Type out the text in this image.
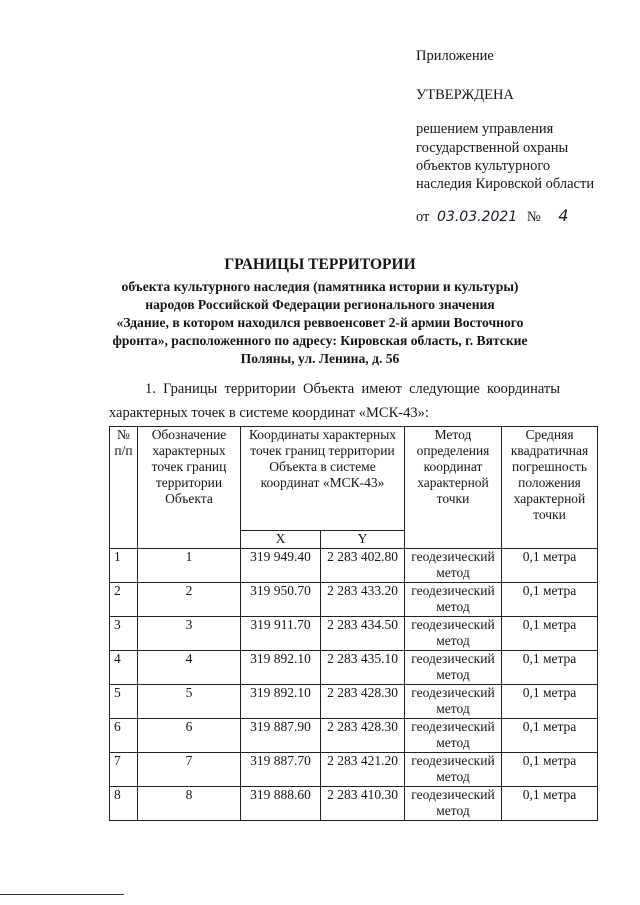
Приложение
УТВЕРЖДЕНА
решением управления
государственной охраны
объектов культурного
наследия Кировской области
от 03.03.2021 № 4
ГРАНИЦЫ ТЕРРИТОРИИ
объекта культурного наследия (памятника истории и культуры)
народов Российской Федерации регионального значения
«Здание, в котором находился реввоенсовет 2-й армии Восточного
фронта», расположенного по адресу: Кировская область, г. Вятские
Поляны, ул. Ленина, д. 56
1.  Границы  территории  Объекта  имеют  следующие  координаты
характерных точек в системе координат «МСК-43»:
№ п/п	Обозначение характерных точек границ территории Объекта	Координаты характерных точек границ территории Объекта в системе координат «МСК-43»		Метод определения координат характерной точки	Средняя квадратичная погрешность положения характерной точки
		X	Y		
1	1	319 949.40	2 283 402.80	геодезический метод	0,1 метра
2	2	319 950.70	2 283 433.20	геодезический метод	0,1 метра
3	3	319 911.70	2 283 434.50	геодезический метод	0,1 метра
4	4	319 892.10	2 283 435.10	геодезический метод	0,1 метра
5	5	319 892.10	2 283 428.30	геодезический метод	0,1 метра
6	6	319 887.90	2 283 428.30	геодезический метод	0,1 метра
7	7	319 887.70	2 283 421.20	геодезический метод	0,1 метра
8	8	319 888.60	2 283 410.30	геодезический метод	0,1 метра
